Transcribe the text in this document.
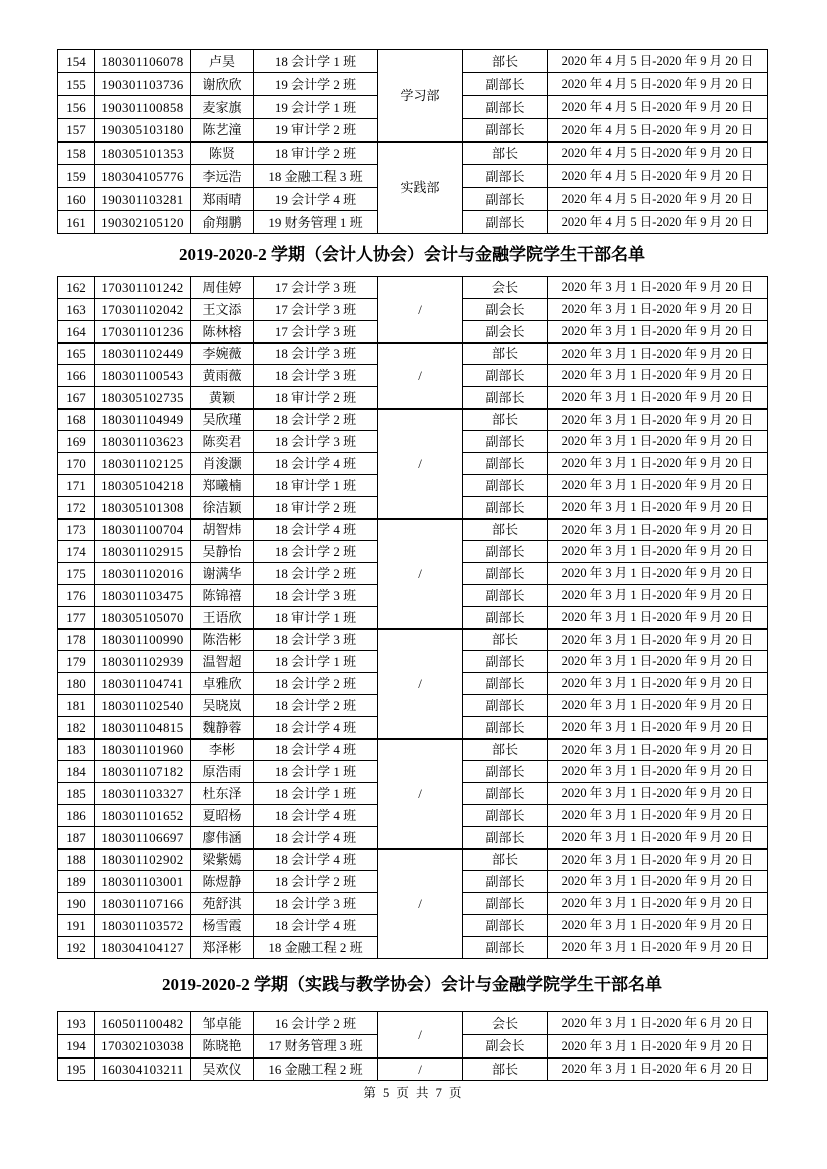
154	180301106078	卢昊	18 会计学 1 班	学习部	部长	2020 年 4 月 5 日-2020 年 9 月 20 日
155	190301103736	谢欣欣	19 会计学 2 班		副部长	2020 年 4 月 5 日-2020 年 9 月 20 日
156	190301100858	麦家旗	19 会计学 1 班		副部长	2020 年 4 月 5 日-2020 年 9 月 20 日
157	190305103180	陈艺潼	19 审计学 2 班		副部长	2020 年 4 月 5 日-2020 年 9 月 20 日
158	180305101353	陈贤	18 审计学 2 班	实践部	部长	2020 年 4 月 5 日-2020 年 9 月 20 日
159	180304105776	李远浩	18 金融工程 3 班		副部长	2020 年 4 月 5 日-2020 年 9 月 20 日
160	190301103281	郑雨晴	19 会计学 4 班		副部长	2020 年 4 月 5 日-2020 年 9 月 20 日
161	190302105120	俞翔鹏	19 财务管理 1 班		副部长	2020 年 4 月 5 日-2020 年 9 月 20 日
2019-2020-2 学期（会计人协会）会计与金融学院学生干部名单
162	170301101242	周佳婷	17 会计学 3 班	/	会长	2020 年 3 月 1 日-2020 年 9 月 20 日
163	170301102042	王文添	17 会计学 3 班		副会长	2020 年 3 月 1 日-2020 年 9 月 20 日
164	170301101236	陈林榕	17 会计学 3 班		副会长	2020 年 3 月 1 日-2020 年 9 月 20 日
165	180301102449	李婉薇	18 会计学 3 班	/	部长	2020 年 3 月 1 日-2020 年 9 月 20 日
166	180301100543	黄雨薇	18 会计学 3 班		副部长	2020 年 3 月 1 日-2020 年 9 月 20 日
167	180305102735	黄颖	18 审计学 2 班		副部长	2020 年 3 月 1 日-2020 年 9 月 20 日
168	180301104949	吴欣瑾	18 会计学 2 班	/	部长	2020 年 3 月 1 日-2020 年 9 月 20 日
169	180301103623	陈奕君	18 会计学 3 班		副部长	2020 年 3 月 1 日-2020 年 9 月 20 日
170	180301102125	肖浚灏	18 会计学 4 班		副部长	2020 年 3 月 1 日-2020 年 9 月 20 日
171	180305104218	郑曦楠	18 审计学 1 班		副部长	2020 年 3 月 1 日-2020 年 9 月 20 日
172	180305101308	徐洁颖	18 审计学 2 班		副部长	2020 年 3 月 1 日-2020 年 9 月 20 日
173	180301100704	胡智炜	18 会计学 4 班	/	部长	2020 年 3 月 1 日-2020 年 9 月 20 日
174	180301102915	吴静怡	18 会计学 2 班		副部长	2020 年 3 月 1 日-2020 年 9 月 20 日
175	180301102016	谢满华	18 会计学 2 班		副部长	2020 年 3 月 1 日-2020 年 9 月 20 日
176	180301103475	陈锦禧	18 会计学 3 班		副部长	2020 年 3 月 1 日-2020 年 9 月 20 日
177	180305105070	王语欣	18 审计学 1 班		副部长	2020 年 3 月 1 日-2020 年 9 月 20 日
178	180301100990	陈浩彬	18 会计学 3 班	/	部长	2020 年 3 月 1 日-2020 年 9 月 20 日
179	180301102939	温智超	18 会计学 1 班		副部长	2020 年 3 月 1 日-2020 年 9 月 20 日
180	180301104741	卓雅欣	18 会计学 2 班		副部长	2020 年 3 月 1 日-2020 年 9 月 20 日
181	180301102540	吴晓岚	18 会计学 2 班		副部长	2020 年 3 月 1 日-2020 年 9 月 20 日
182	180301104815	魏静蓉	18 会计学 4 班		副部长	2020 年 3 月 1 日-2020 年 9 月 20 日
183	180301101960	李彬	18 会计学 4 班	/	部长	2020 年 3 月 1 日-2020 年 9 月 20 日
184	180301107182	原浩雨	18 会计学 1 班		副部长	2020 年 3 月 1 日-2020 年 9 月 20 日
185	180301103327	杜东泽	18 会计学 1 班		副部长	2020 年 3 月 1 日-2020 年 9 月 20 日
186	180301101652	夏昭杨	18 会计学 4 班		副部长	2020 年 3 月 1 日-2020 年 9 月 20 日
187	180301106697	廖伟涵	18 会计学 4 班		副部长	2020 年 3 月 1 日-2020 年 9 月 20 日
188	180301102902	梁紫嫣	18 会计学 4 班	/	部长	2020 年 3 月 1 日-2020 年 9 月 20 日
189	180301103001	陈煜静	18 会计学 2 班		副部长	2020 年 3 月 1 日-2020 年 9 月 20 日
190	180301107166	苑舒淇	18 会计学 3 班		副部长	2020 年 3 月 1 日-2020 年 9 月 20 日
191	180301103572	杨雪霞	18 会计学 4 班		副部长	2020 年 3 月 1 日-2020 年 9 月 20 日
192	180304104127	郑泽彬	18 金融工程 2 班		副部长	2020 年 3 月 1 日-2020 年 9 月 20 日
2019-2020-2 学期（实践与教学协会）会计与金融学院学生干部名单
193	160501100482	邹卓能	16 会计学 2 班	/	会长	2020 年 3 月 1 日-2020 年 6 月 20 日
194	170302103038	陈晓艳	17 财务管理 3 班		副会长	2020 年 3 月 1 日-2020 年 9 月 20 日
195	160304103211	吴欢仪	16 金融工程 2 班	/	部长	2020 年 3 月 1 日-2020 年 6 月 20 日
第 5 页 共 7 页
